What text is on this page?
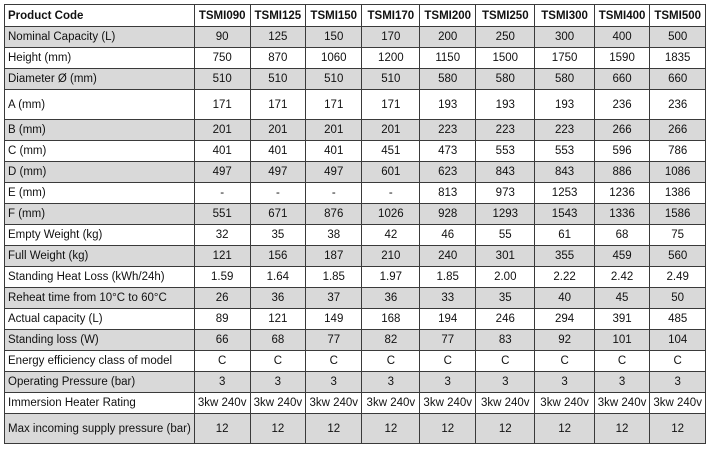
Product Code	TSMI090	TSMI125	TSMI150	TSMI170	TSMI200	TSMI250	TSMI300	TSMI400	TSMI500
Nominal Capacity (L)	90	125	150	170	200	250	300	400	500
Height (mm)	750	870	1060	1200	1150	1500	1750	1590	1835
Diameter Ø (mm)	510	510	510	510	580	580	580	660	660
A (mm)	171	171	171	171	193	193	193	236	236
B (mm)	201	201	201	201	223	223	223	266	266
C (mm)	401	401	401	451	473	553	553	596	786
D (mm)	497	497	497	601	623	843	843	886	1086
E (mm)	-	-	-	-	813	973	1253	1236	1386
F (mm)	551	671	876	1026	928	1293	1543	1336	1586
Empty Weight (kg)	32	35	38	42	46	55	61	68	75
Full Weight (kg)	121	156	187	210	240	301	355	459	560
Standing Heat Loss (kWh/24h)	1.59	1.64	1.85	1.97	1.85	2.00	2.22	2.42	2.49
Reheat time from 10°C to 60°C	26	36	37	36	33	35	40	45	50
Actual capacity (L)	89	121	149	168	194	246	294	391	485
Standing loss (W)	66	68	77	82	77	83	92	101	104
Energy efficiency class of model	C	C	C	C	C	C	C	C	C
Operating Pressure (bar)	3	3	3	3	3	3	3	3	3
Immersion Heater Rating	3kw 240v	3kw 240v	3kw 240v	3kw 240v	3kw 240v	3kw 240v	3kw 240v	3kw 240v	3kw 240v
Max incoming supply pressure (bar)	12	12	12	12	12	12	12	12	12
